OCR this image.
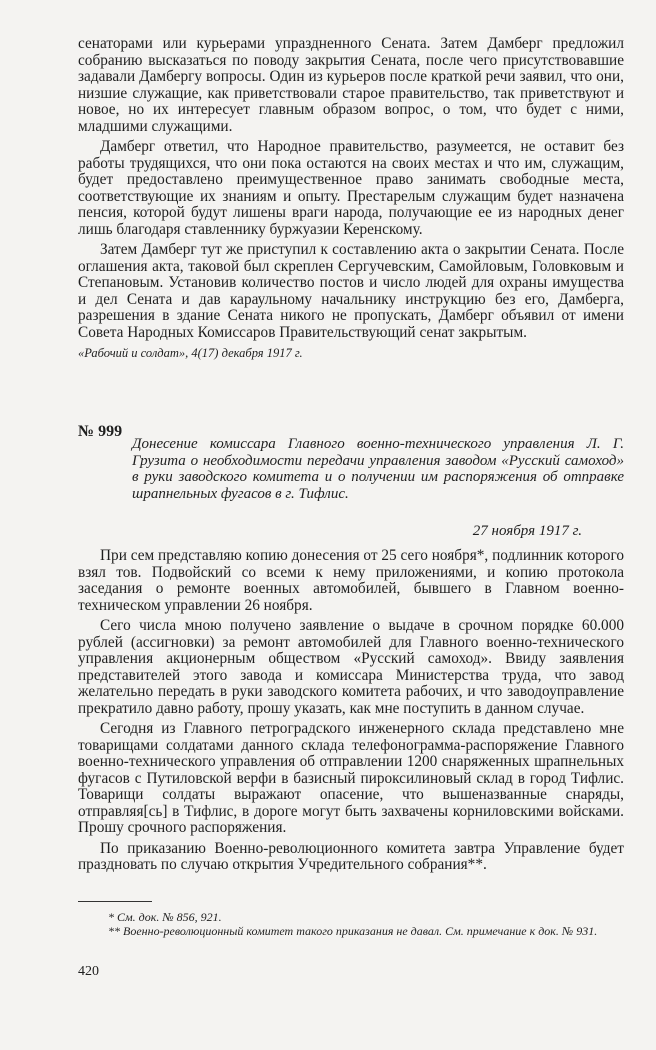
сенаторами или курьерами упраздненного Сената. Затем Дамберг предложил собранию высказаться по поводу закрытия Сената, после чего присутствовавшие задавали Дамбергу вопросы. Один из курьеров после краткой речи заявил, что они, низшие служащие, как приветствовали старое правительство, так приветствуют и новое, но их интересует главным образом вопрос, о том, что будет с ними, младшими служащими.

Дамберг ответил, что Народное правительство, разумеется, не оставит без работы трудящихся, что они пока остаются на своих местах и что им, служащим, будет предоставлено преимущественное право занимать свободные места, соответствующие их знаниям и опыту. Престарелым служащим будет назначена пенсия, которой будут лишены враги народа, получающие ее из народных денег лишь благодаря ставленнику буржуазии Керенскому.

Затем Дамберг тут же приступил к составлению акта о закрытии Сената. После оглашения акта, таковой был скреплен Сергучевским, Самойловым, Головковым и Степановым. Установив количество постов и число людей для охраны имущества и дел Сената и дав караульному начальнику инструкцию без его, Дамберга, разрешения в здание Сената никого не пропускать, Дамберг объявил от имени Совета Народных Комиссаров Правительствующий сенат закрытым.

«Рабочий и солдат», 4(17) декабря 1917 г.
№ 999
Донесение комиссара Главного военно-технического управления Л. Г. Грузита о необходимости передачи управления заводом «Русский самоход» в руки заводского комитета и о получении им распоряжения об отправке шрапнельных фугасов в г. Тифлис.
27 ноября 1917 г.

При сем представляю копию донесения от 25 сего ноября*, подлинник которого взял тов. Подвойский со всеми к нему приложениями, и копию протокола заседания о ремонте военных автомобилей, бывшего в Главном военно-техническом управлении 26 ноября.

Сего числа мною получено заявление о выдаче в срочном порядке 60.000 рублей (ассигновки) за ремонт автомобилей для Главного военно-технического управления акционерным обществом «Русский самоход». Ввиду заявления представителей этого завода и комиссара Министерства труда, что завод желательно передать в руки заводского комитета рабочих, и что заводоуправление прекратило давно работу, прошу указать, как мне поступить в данном случае.

Сегодня из Главного петроградского инженерного склада представлено мне товарищами солдатами данного склада телефонограмма-распоряжение Главного военно-технического управления об отправлении 1200 снаряженных шрапнельных фугасов с Путиловской верфи в базисный пироксилиновый склад в город Тифлис. Товарищи солдаты выражают опасение, что вышеназванные снаряды, отправляя[сь] в Тифлис, в дороге могут быть захвачены корниловскими войсками. Прошу срочного распоряжения.

По приказанию Военно-революционного комитета завтра Управление будет праздновать по случаю открытия Учредительного собрания**.

* См. док. № 856, 921.
** Военно-революционный комитет такого приказания не давал. См. примечание к док. № 931.
420
